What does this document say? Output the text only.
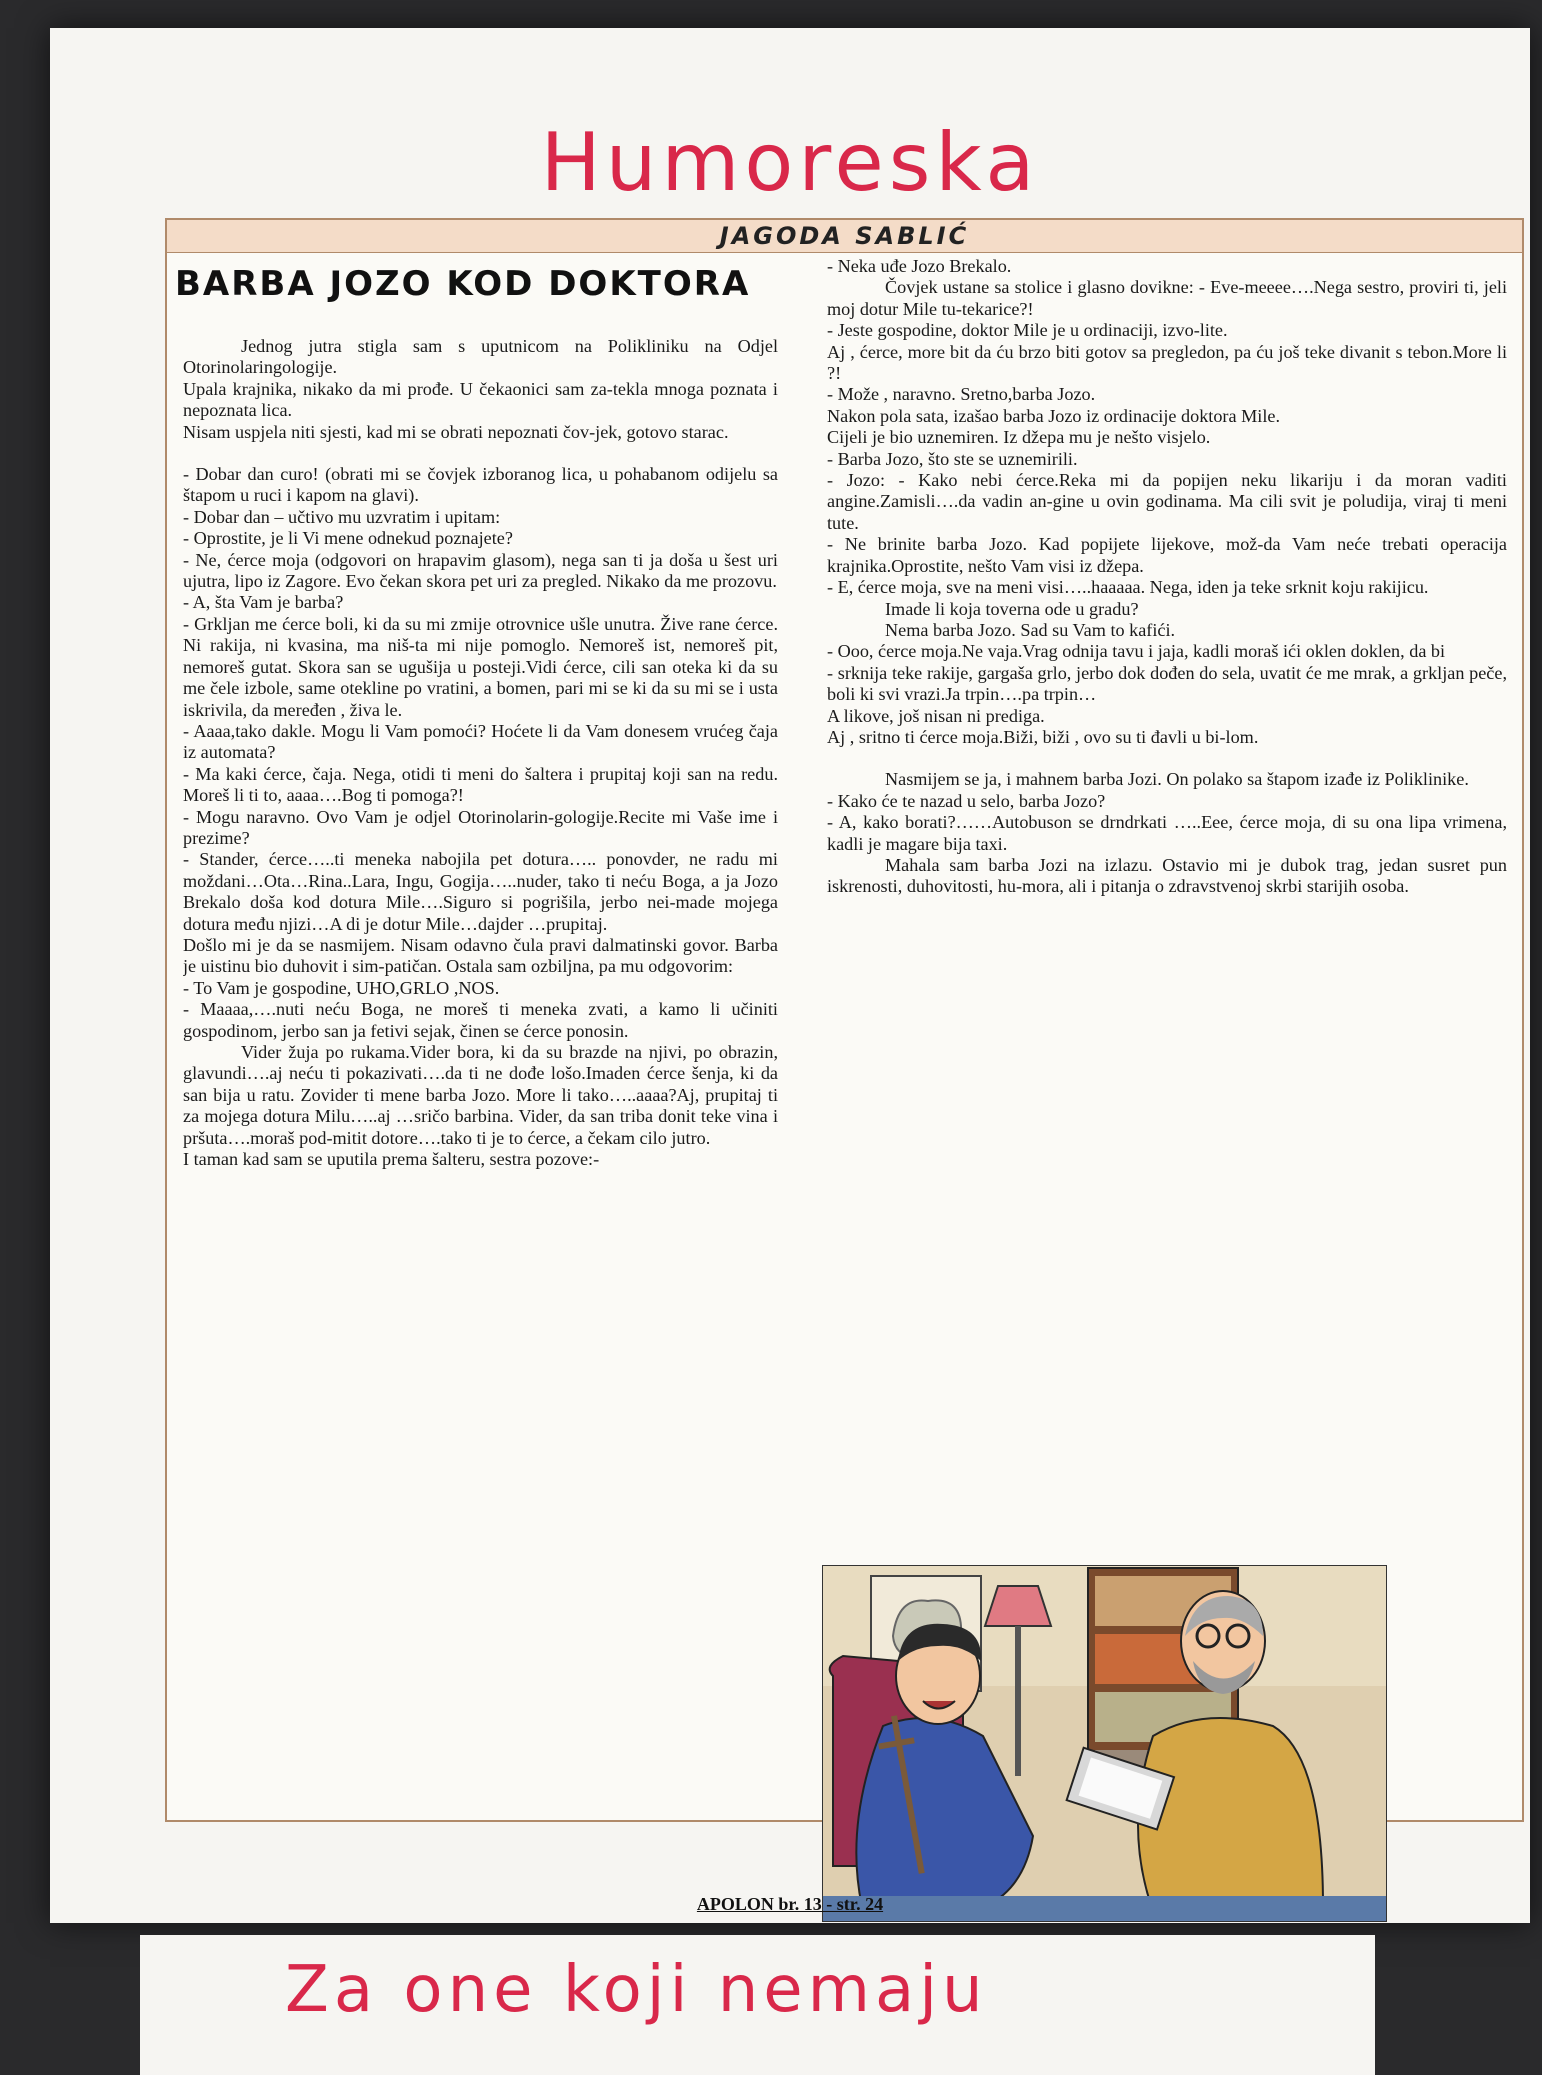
Humoreska
JAGODA SABLIĆ
BARBA JOZO KOD DOKTORA

Jednog jutra stigla sam s uputnicom na Polikliniku na Odjel Otorinolaringologije.

Upala krajnika, nikako da mi prođe. U čekaonici sam za-tekla mnoga poznata i nepoznata lica.

Nisam uspjela niti sjesti, kad mi se obrati nepoznati čov-jek, gotovo starac.

- Dobar dan curo! (obrati mi se čovjek izboranog lica, u pohabanom odijelu sa štapom u ruci i kapom na glavi).

- Dobar dan – učtivo mu uzvratim i upitam:

- Oprostite, je li Vi mene odnekud poznajete?

- Ne, ćerce moja (odgovori on hrapavim glasom), nega san ti ja doša u šest uri ujutra, lipo iz Zagore. Evo čekan skora pet uri za pregled. Nikako da me prozovu.

- A, šta Vam je barba?

- Grkljan me ćerce boli, ki da su mi zmije otrovnice ušle unutra. Žive rane ćerce. Ni rakija, ni kvasina, ma niš-ta mi nije pomoglo. Nemoreš ist, nemoreš pit, nemoreš gutat. Skora san se ugušija u posteji.Vidi ćerce, cili san oteka ki da su me čele izbole, same otekline po vratini, a bomen, pari mi se ki da su mi se i usta iskrivila, da meređen , živa le.

- Aaaa,tako dakle. Mogu li Vam pomoći? Hoćete li da Vam donesem vrućeg čaja iz automata?

- Ma kaki ćerce, čaja. Nega, otidi ti meni do šaltera i prupitaj koji san na redu. Moreš li ti to, aaaa….Bog ti pomoga?!

- Mogu naravno. Ovo Vam je odjel Otorinolarin-gologije.Recite mi Vaše ime i prezime?

- Stander, ćerce…..ti meneka nabojila pet dotura….. ponovder, ne radu mi moždani…Ota…Rina..Lara, Ingu, Gogija…..nuder, tako ti neću Boga, a ja Jozo Brekalo doša kod dotura Mile….Siguro si pogrišila, jerbo nei-made mojega dotura među njizi…A di je dotur Mile…dajder …prupitaj.

Došlo mi je da se nasmijem. Nisam odavno čula pravi dalmatinski govor. Barba je uistinu bio duhovit i sim-patičan. Ostala sam ozbiljna, pa mu odgovorim:

- To Vam je gospodine, UHO,GRLO ,NOS.

- Maaaa,….nuti neću Boga, ne moreš ti meneka zvati, a kamo li učiniti gospodinom, jerbo san ja fetivi sejak, činen se ćerce ponosin.

Vider žuja po rukama.Vider bora, ki da su brazde na njivi, po obrazin, glavundi….aj neću ti pokazivati….da ti ne dođe lošo.Imaden ćerce šenja, ki da san bija u ratu. Zovider ti mene barba Jozo. More li tako…..aaaa?Aj, prupitaj ti za mojega dotura Milu…..aj …sričo barbina. Vider, da san triba donit teke vina i pršuta….moraš pod-mitit dotore….tako ti je to ćerce, a čekam cilo jutro.

I taman kad sam se uputila prema šalteru, sestra pozove:-

- Neka uđe Jozo Brekalo.

Čovjek ustane sa stolice i glasno dovikne: - Eve-meeee….Nega sestro, proviri ti, jeli moj dotur Mile tu-tekarice?!

- Jeste gospodine, doktor Mile je u ordinaciji, izvo-lite.

Aj , ćerce, more bit da ću brzo biti gotov sa pregledon, pa ću još teke divanit s tebon.More li ?!

- Može , naravno. Sretno,barba Jozo.

Nakon pola sata, izašao barba Jozo iz ordinacije doktora Mile.

Cijeli je bio uznemiren. Iz džepa mu je nešto visjelo.

- Barba Jozo, što ste se uznemirili.

- Jozo: - Kako nebi ćerce.Reka mi da popijen neku likariju i da moran vaditi angine.Zamisli….da vadin an-gine u ovin godinama. Ma cili svit je poludija, viraj ti meni tute.

- Ne brinite barba Jozo. Kad popijete lijekove, mož-da Vam neće trebati operacija krajnika.Oprostite, nešto Vam visi iz džepa.

- E, ćerce moja, sve na meni visi…..haaaaa. Nega, iden ja teke srknit koju rakijicu.

Imade li koja toverna ode u gradu?

Nema barba Jozo. Sad su Vam to kafići.

- Ooo, ćerce moja.Ne vaja.Vrag odnija tavu i jaja, kadli moraš ići oklen doklen, da bi

- srknija teke rakije, gargaša grlo, jerbo dok dođen do sela, uvatit će me mrak, a grkljan peče, boli ki svi vrazi.Ja trpin….pa trpin…

A likove, još nisan ni prediga.

Aj , sritno ti ćerce moja.Biži, biži , ovo su ti đavli u bi-lom.

Nasmijem se ja, i mahnem barba Jozi. On polako sa štapom izađe iz Poliklinike.

- Kako će te nazad u selo, barba Jozo?

- A, kako borati?……Autobuson se drndrkati …..Eee, ćerce moja, di su ona lipa vrimena, kadli je magare bija taxi.

Mahala sam barba Jozi na izlazu. Ostavio mi je dubok trag, jedan susret pun iskrenosti, duhovitosti, hu-mora, ali i pitanja o zdravstvenoj skrbi starijih osoba.

APOLON br. 13 - str. 24
Za one koji nemaju
